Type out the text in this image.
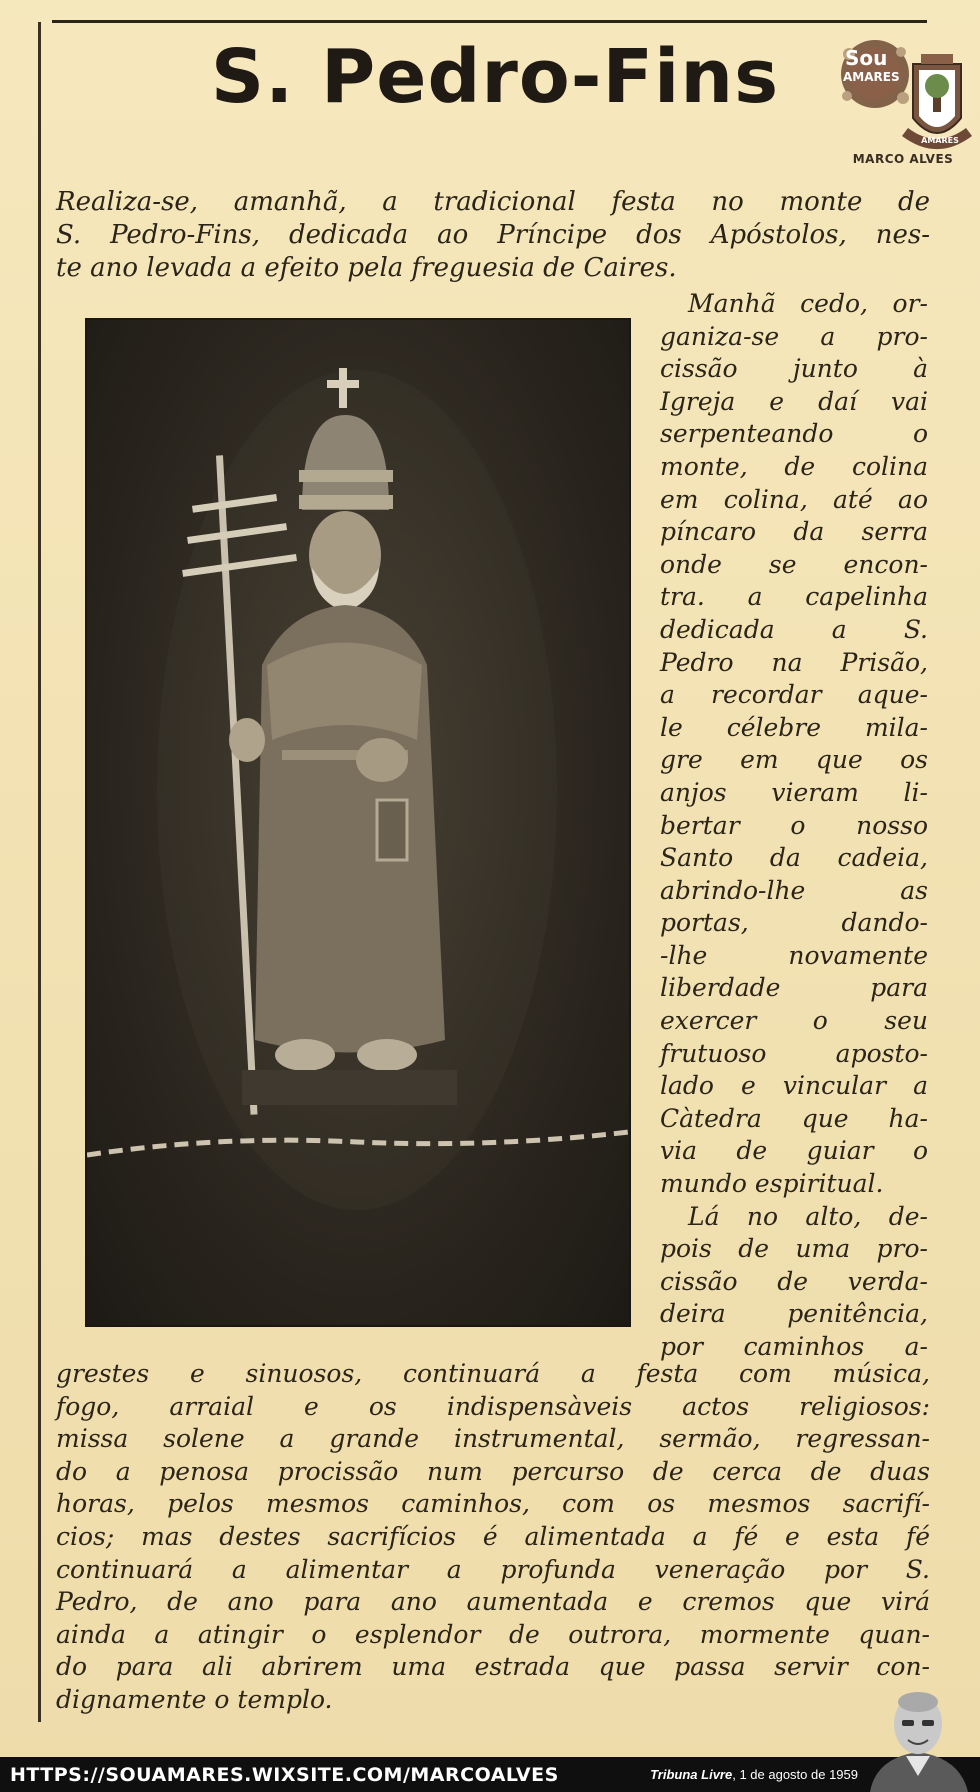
S. Pedro-Fins	Sou
AMARES
AMARES
MARCO ALVES
Realiza-se, amanhã, a tradicional festa no monte de
S. Pedro-Fins, dedicada ao Príncipe dos Apóstolos, nes-
te ano levada a efeito pela freguesia de Caires.
Manhã cedo, or-
ganiza-se a pro-
cissão junto à
Igreja e daí vai
serpenteando o
monte, de colina
em colina, até ao
píncaro da serra
onde se encon-
tra. a capelinha
dedicada a S.
Pedro na Prisão,
a recordar aque-
le célebre mila-
gre em que os
anjos vieram li-
bertar o nosso
Santo da cadeia,
abrindo-lhe as
portas, dando-
-lhe novamente
liberdade para
exercer o seu
frutuoso aposto-
lado e vincular a
Càtedra que ha-
via de guiar o
mundo espiritual.
Lá no alto, de-
pois de uma pro-
cissão de verda-
deira penitência,
por caminhos a-
grestes e sinuosos, continuará a festa com música,
fogo, arraial e os indispensàveis actos religiosos:
missa solene a grande instrumental, sermão, regressan-
do a penosa procissão num percurso de cerca de duas
horas, pelos mesmos caminhos, com os mesmos sacrifí-
cios; mas destes sacrifícios é alimentada a fé e esta fé
continuará a alimentar a profunda veneração por S.
Pedro, de ano para ano aumentada e cremos que virá
ainda a atingir o esplendor de outrora, mormente quan-
do para ali abrirem uma estrada que passa servir con-
dignamente o templo.
HTTPS://SOUAMARES.WIXSITE.COM/MARCOALVES	Tribuna Livre, 1 de agosto de 1959
